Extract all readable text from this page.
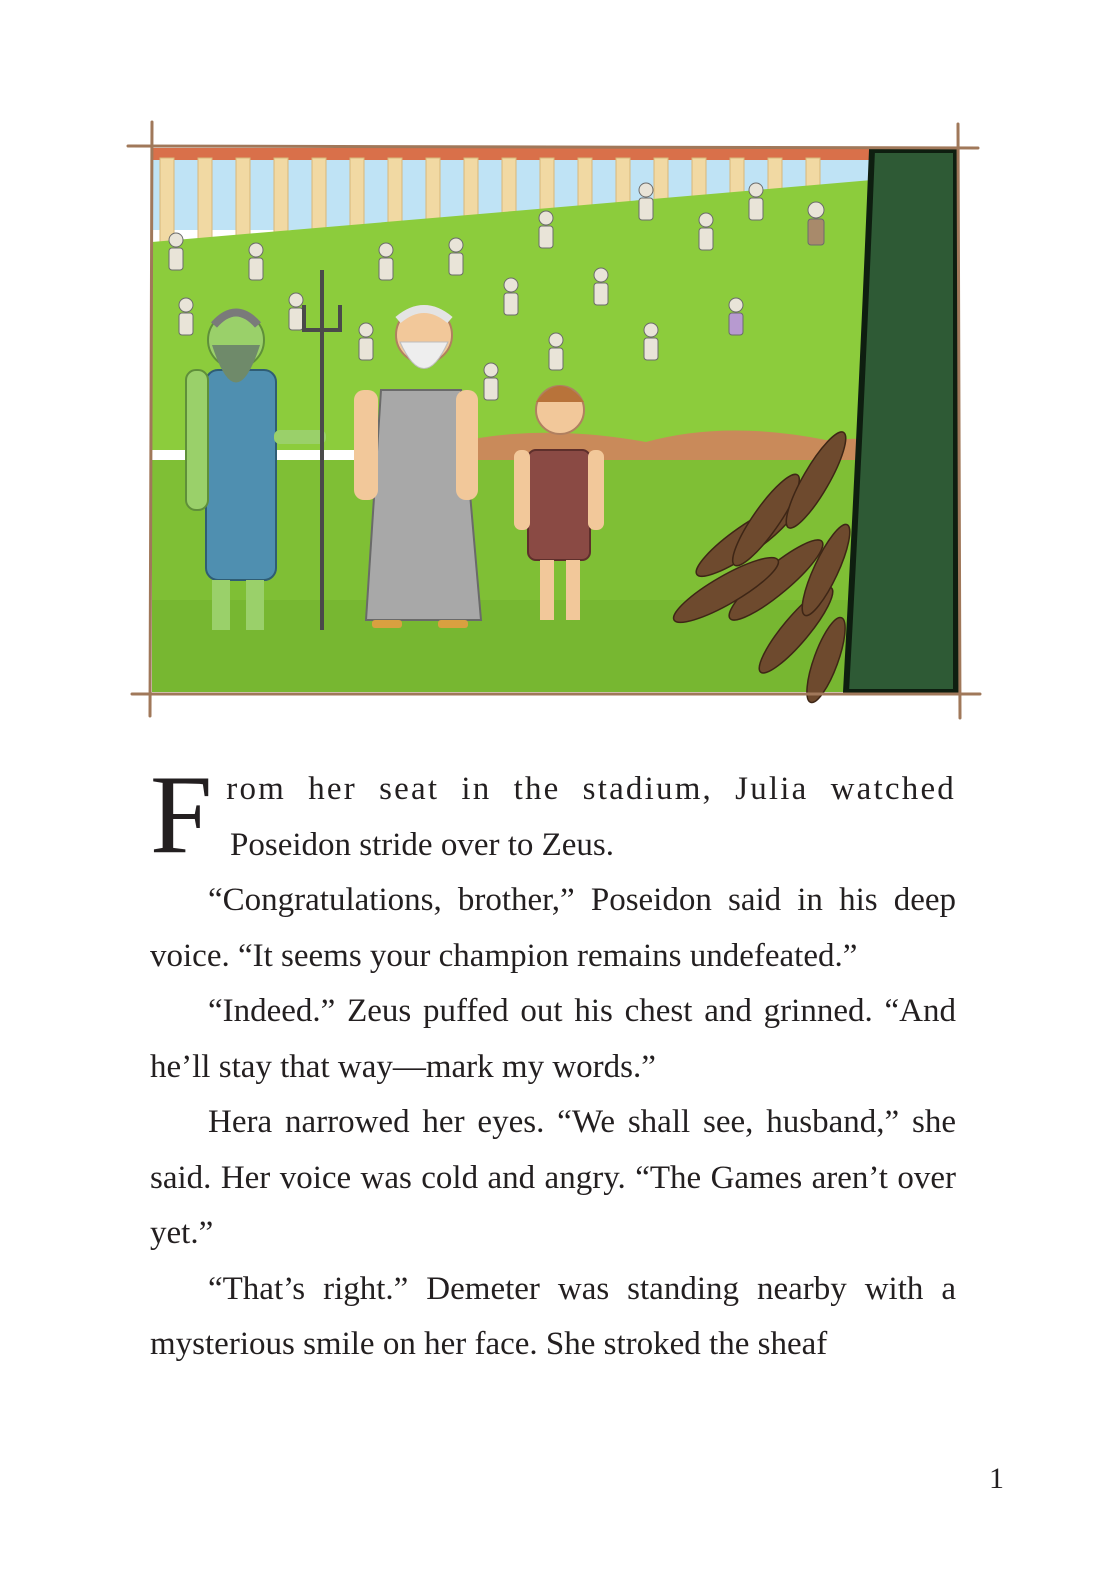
F rom her seat in the stadium, Julia watched
Poseidon stride over to Zeus.

“Congratulations, brother,” Poseidon said in his deep voice. “It seems your champion remains undefeated.”

“Indeed.” Zeus puffed out his chest and grinned. “And he’ll stay that way—mark my words.”

Hera narrowed her eyes. “We shall see, husband,” she said. Her voice was cold and angry. “The Games aren’t over yet.”

“That’s right.” Demeter was standing nearby with a mysterious smile on her face. She stroked the sheaf

1
